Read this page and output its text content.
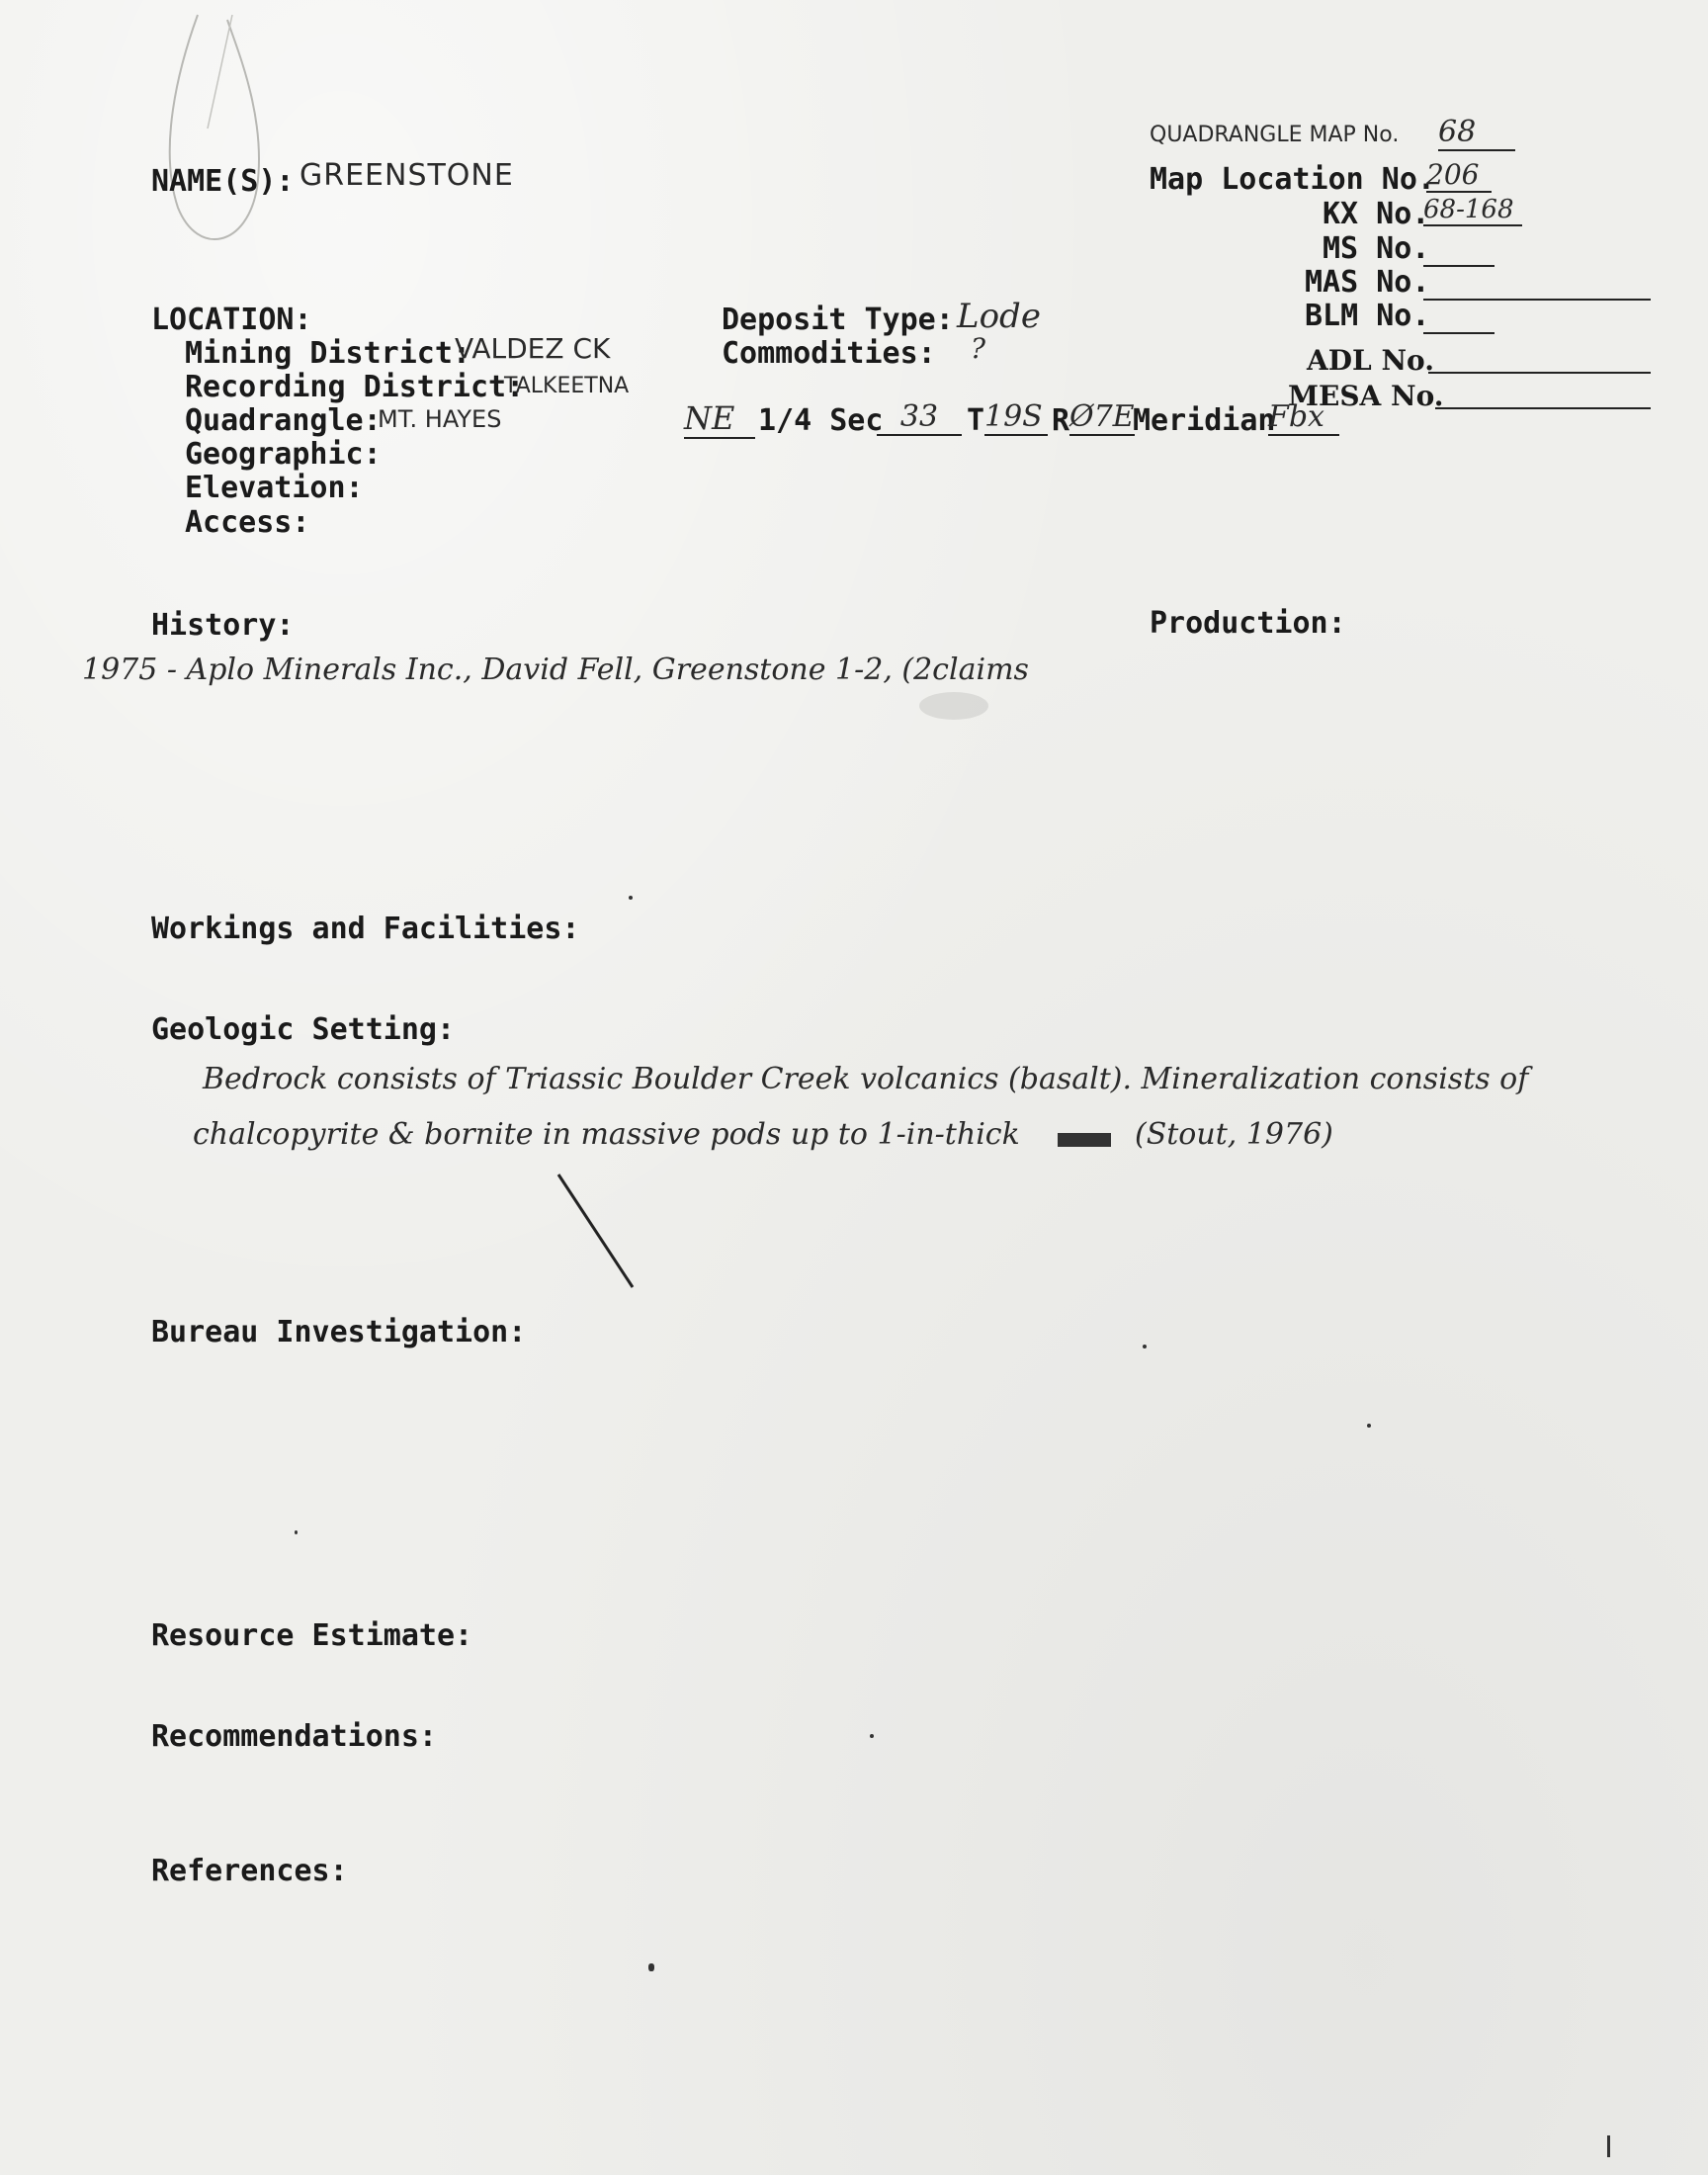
NAME(S): GREENSTONE
QUADRANGLE MAP No. 68
Map Location No.
206
KX No.
68-168
MS No.
MAS No.
BLM No.
ADL No.
MESA No.
LOCATION:
Mining District:
VALDEZ CK
Recording District:
TALKEETNA
Quadrangle:
MT. HAYES
Geographic:
Elevation:
Access:
Deposit Type: Lode
Commodities: ?
NE 1/4 Sec 33 T 19S R Ø7E
Meridian
Fbx
History:
1975 - Aplo Minerals Inc., David Fell, Greenstone 1-2, (2claims
Production:
Workings and Facilities:
Geologic Setting:
Bedrock consists of Triassic Boulder Creek volcanics (basalt). Mineralization consists of
chalcopyrite & bornite in massive pods up to 1-in-thick	(Stout, 1976)
Bureau Investigation:
Resource Estimate:
Recommendations:
References:
